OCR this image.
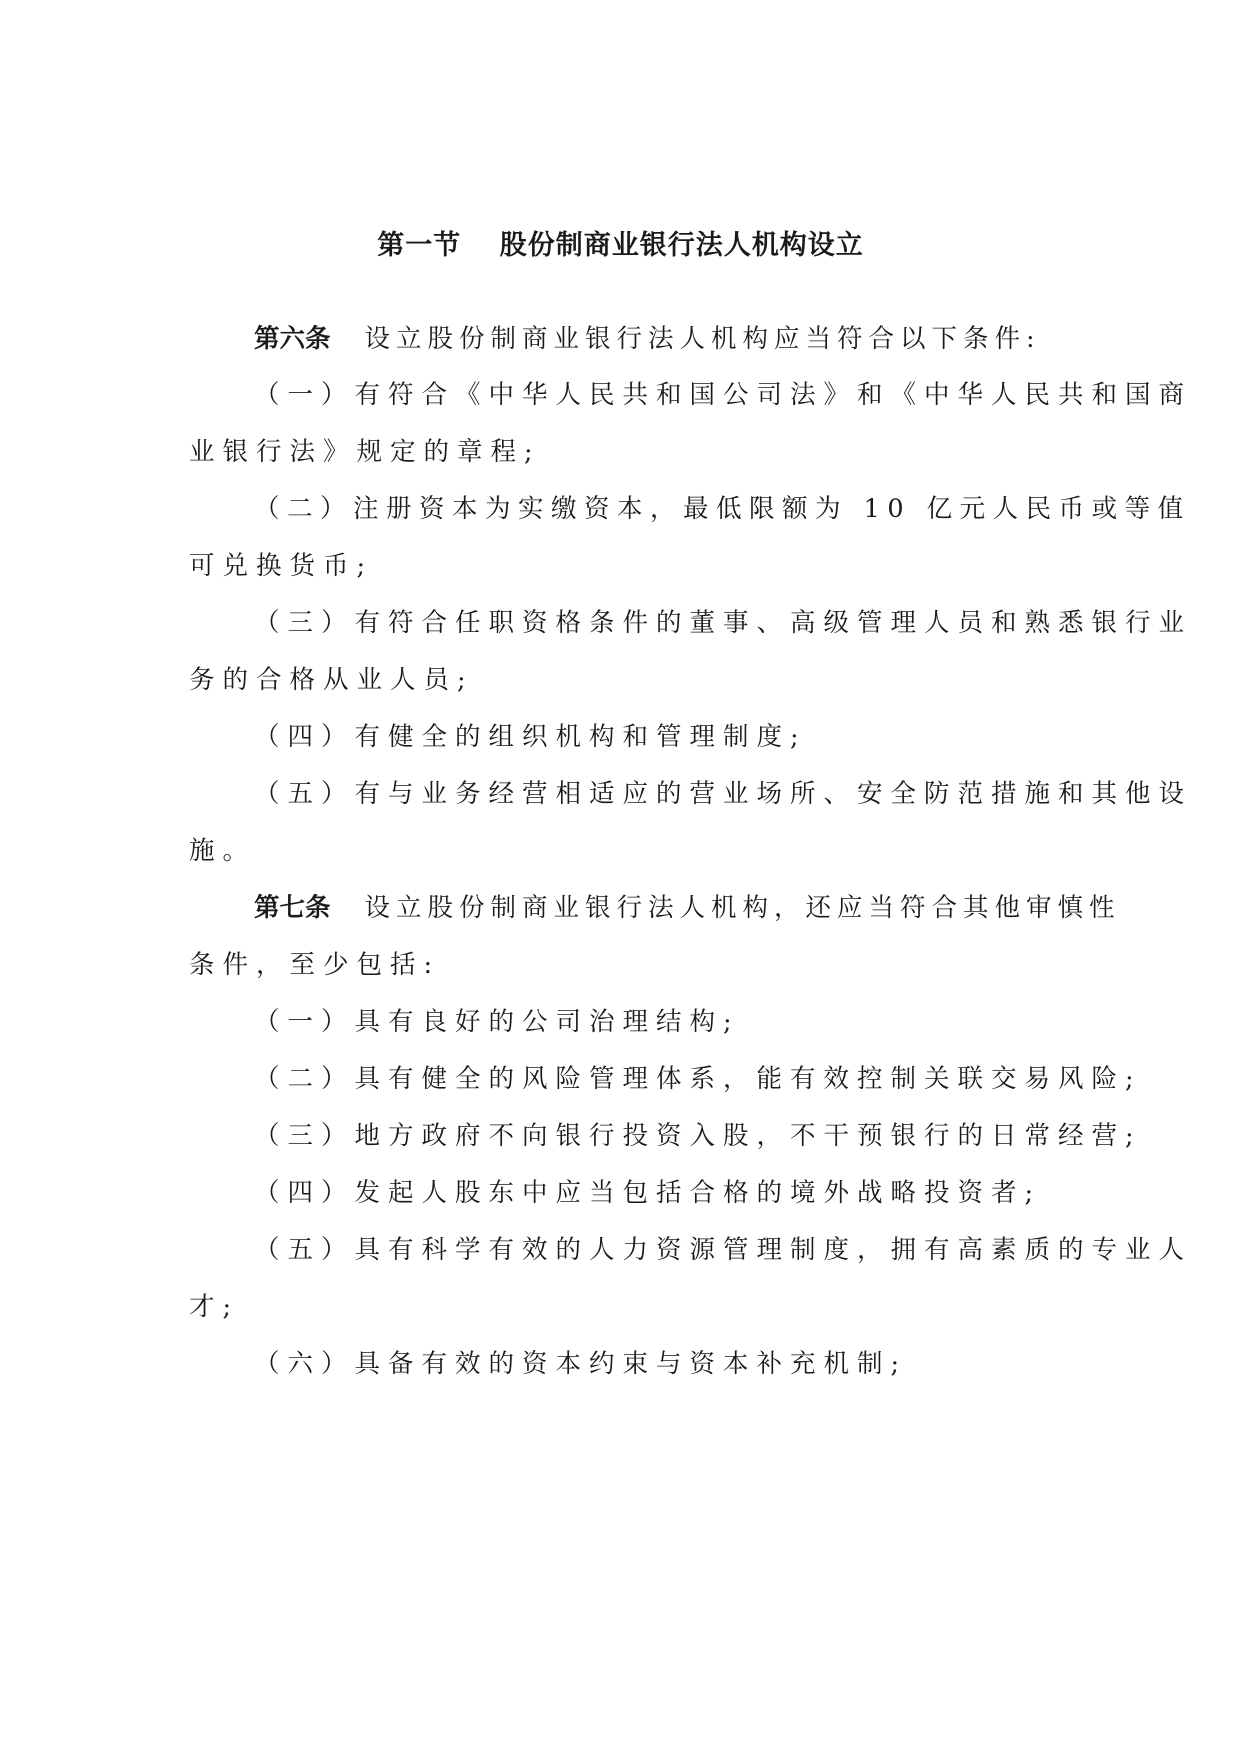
第一节　 股份制商业银行法人机构设立
第六条 设立股份制商业银行法人机构应当符合以下条件:
（一）有符合《中华人民共和国公司法》和《中华人民共和国商
业银行法》规定的章程;
（二）注册资本为实缴资本，最低限额为 10 亿元人民币或等值
可兑换货币;
（三）有符合任职资格条件的董事、高级管理人员和熟悉银行业
务的合格从业人员;
（四）有健全的组织机构和管理制度;
（五）有与业务经营相适应的营业场所、安全防范措施和其他设
施。
第七条 设立股份制商业银行法人机构，还应当符合其他审慎性
条件，至少包括:
（一）具有良好的公司治理结构;
（二）具有健全的风险管理体系，能有效控制关联交易风险;
（三）地方政府不向银行投资入股，不干预银行的日常经营;
（四）发起人股东中应当包括合格的境外战略投资者;
（五）具有科学有效的人力资源管理制度，拥有高素质的专业人
才;
（六）具备有效的资本约束与资本补充机制;
